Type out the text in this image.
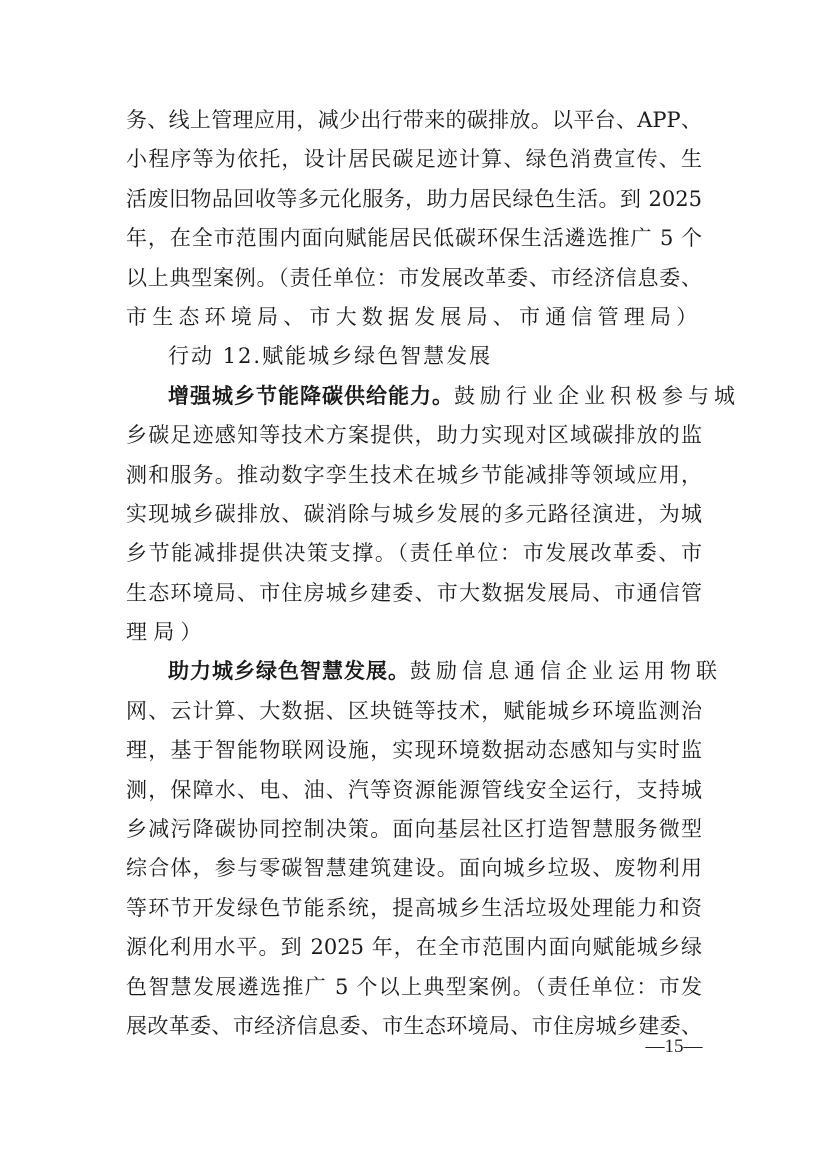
务、线上管理应用，减少出行带来的碳排放。以平台、APP、
小程序等为依托，设计居民碳足迹计算、绿色消费宣传、生
活废旧物品回收等多元化服务，助力居民绿色生活。到 2025
年，在全市范围内面向赋能居民低碳环保生活遴选推广 5 个
以上典型案例。（责任单位：市发展改革委、市经济信息委、
市生态环境局、市大数据发展局、市通信管理局）
行动 12.赋能城乡绿色智慧发展
增强城乡节能降碳供给能力。鼓励行业企业积极参与城
乡碳足迹感知等技术方案提供，助力实现对区域碳排放的监
测和服务。推动数字孪生技术在城乡节能减排等领域应用，
实现城乡碳排放、碳消除与城乡发展的多元路径演进，为城
乡节能减排提供决策支撑。（责任单位：市发展改革委、市
生态环境局、市住房城乡建委、市大数据发展局、市通信管
理局）
助力城乡绿色智慧发展。鼓励信息通信企业运用物联
网、云计算、大数据、区块链等技术，赋能城乡环境监测治
理，基于智能物联网设施，实现环境数据动态感知与实时监
测，保障水、电、油、汽等资源能源管线安全运行，支持城
乡减污降碳协同控制决策。面向基层社区打造智慧服务微型
综合体，参与零碳智慧建筑建设。面向城乡垃圾、废物利用
等环节开发绿色节能系统，提高城乡生活垃圾处理能力和资
源化利用水平。到 2025 年，在全市范围内面向赋能城乡绿
色智慧发展遴选推广 5 个以上典型案例。（责任单位：市发
展改革委、市经济信息委、市生态环境局、市住房城乡建委、
—15—
